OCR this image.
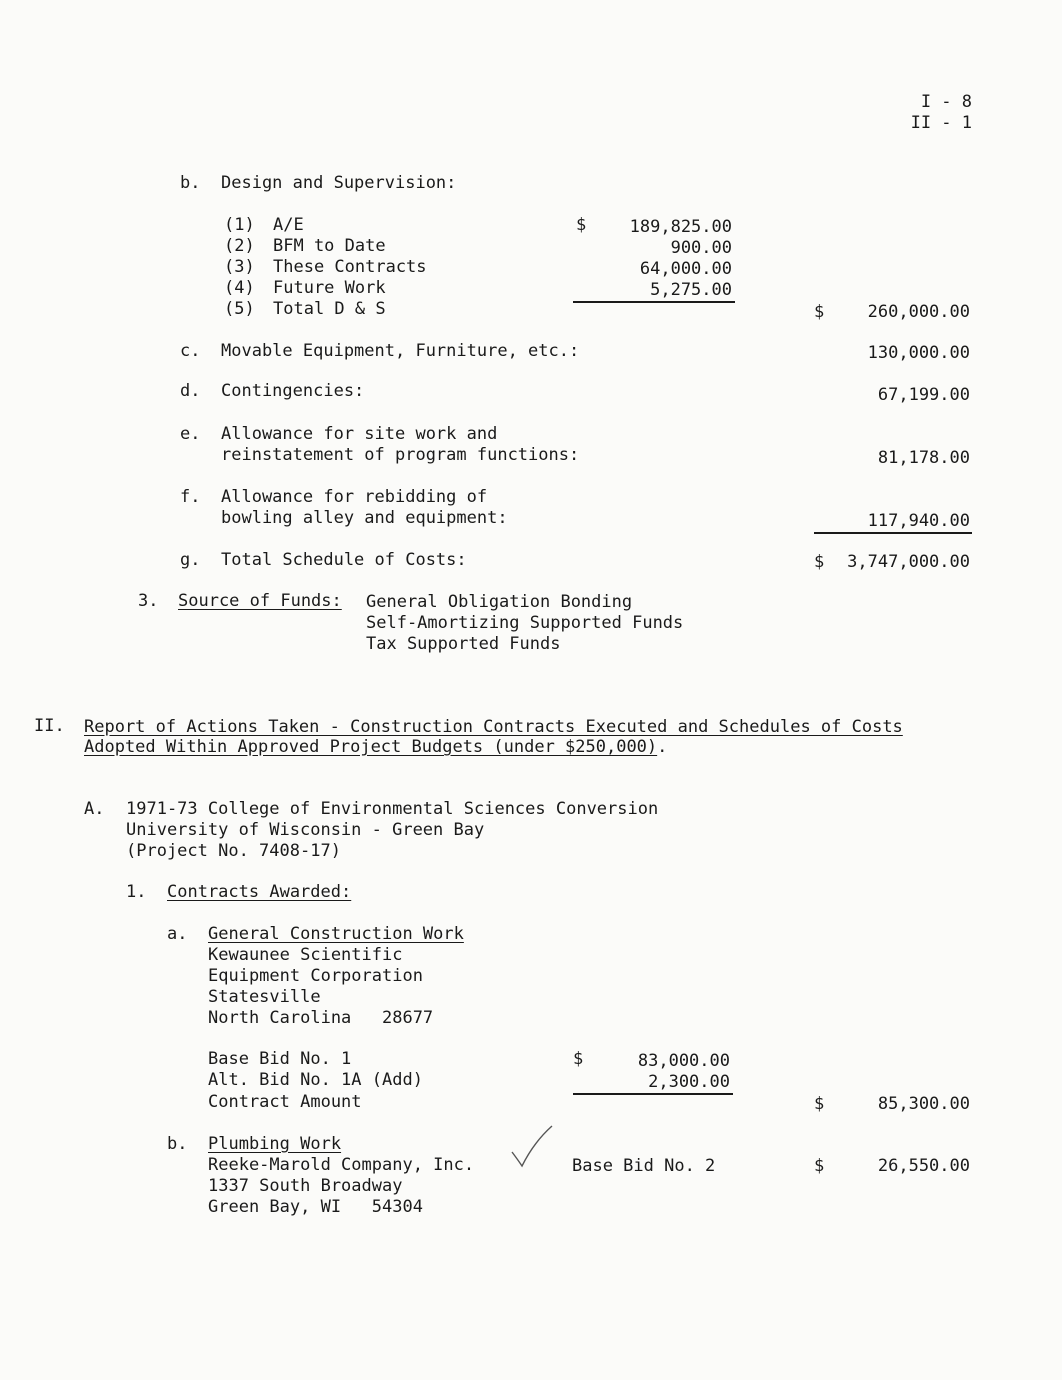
I - 8
II - 1
b. Design and Supervision:
(1) A/E	$	189,825.00
(2) BFM to Date	900.00
(3) These Contracts	64,000.00
(4) Future Work	5,275.00
(5) Total D & S	$	260,000.00
c. Movable Equipment, Furniture, etc.:	130,000.00
d. Contingencies:	67,199.00
e. Allowance for site work and
reinstatement of program functions:	81,178.00
f. Allowance for rebidding of
bowling alley and equipment:	117,940.00
g. Total Schedule of Costs:	$ 3,747,000.00
3. Source of Funds: General Obligation Bonding
Self-Amortizing Supported Funds
Tax Supported Funds
II. Report of Actions Taken - Construction Contracts Executed and Schedules of Costs
Adopted Within Approved Project Budgets (under $250,000).
A. 1971-73 College of Environmental Sciences Conversion
University of Wisconsin - Green Bay
(Project No. 7408-17)
1. Contracts Awarded:
a. General Construction Work
Kewaunee Scientific
Equipment Corporation
Statesville
North Carolina   28677
Base Bid No. 1	$	83,000.00
Alt. Bid No. 1A (Add)	2,300.00
Contract Amount	$	85,300.00
b. Plumbing Work
Reeke-Marold Company, Inc.
1337 South Broadway
Green Bay, WI   54304
Base Bid No. 2	$	26,550.00
